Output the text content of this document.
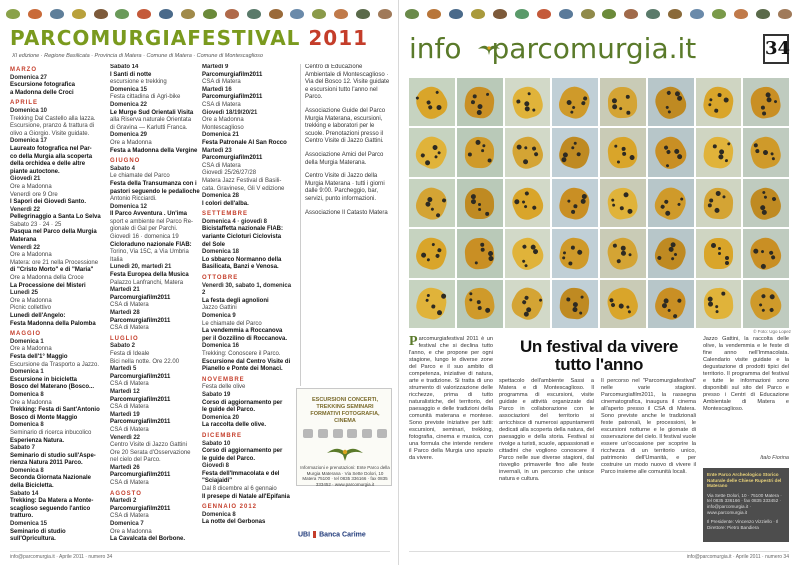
PARCOMURGIAFESTIVAL 2011
XI edizione · Regione Basilicata · Provincia di Matera · Comune di Matera · Comune di Montescaglioso
MARZO
Domenica 27
Escursione fotografica
a Madonna delle Croci
APRILE
Domenica 10
Trekking Dal Castello alla Iazza.
Escursione, pranzo & trattura di
olivo a Giorgio. Visite guidate.
Domenica 17
Laureato fotografica nel Par-
co della Murgia alla scoperta
della orchidea e delle altre
piante autoctone.
Giovedì 21
Ore a Madonna
Venerdì ore 9 Ore
I Sapori dei Giovedì Santo.
Venerdì 22
Pellegrinaggio a Santa Lo Selva
Sabato 23 · 24 · 25
Pasqua nel Parco della Murgia
Materana
Venerdì 22
Ore a Madonna
Matera: ore 21 nella Processione
di "Cristo Morto" e di "Maria"
Ore a Madonna della Croce
La Processione dei Misteri
Lunedì 25
Ore a Madonna
Picnic collettivo
Lunedì dell'Angelo:
Festa Madonna della Palomba
MAGGIO
Domenica 1
Ore a Madonna
Festa dell'1° Maggio
Escursione da Trasporto a Jazzo.
Domenica 1
Escursione in bicicletta
Bosco del Materano (Bosco...
Domenica 8
Ore a Madonna
Trekking: Festa di Sant'Antonio
Bosco di Monte Maggio
Domenica 8
Seminario di ricerca inbucolico
Esperienza Natura.
Sabato 7
Seminario di studio sull'Aspe-
rienza Natura 2011 Parco.
Domenica 8
Seconda Giornata Nazionale
della Bicicletta.
Sabato 14
Trekking: Da Matera a Monte-
scaglioso seguendo l'antico
tratturo.
Domenica 15
Seminario di studio
sull'Opricultura.
Sabato 14
I Santi di notte
escursione e trekking
Domenica 15
Festa cittadina di Agri-bike
Domenica 22
Le Murge Sud Orientali Visita
alla Riserva naturale Orientata
di Gravina — Karlutti Franca.
Domenica 29
Ore a Madonna
Festa a Madonna della Vergine
GIUGNO
Sabato 4
Le chiamate del Parco
Festa della Transumanza con i
pastori seguendo le pedalioche
Antonio Ricciardi.
Domenica 12
Il Parco Avventura . Un'ima
sport e ambiente nel Parco Re-
gionale di Gal per Parchi.
Giovedì 16 · domenica 19
Cicloraduno nazionale FIAB:
Torino, Via 15C, a Via Umbria
Italia
Lunedì 20, martedì 21
Festa Europea della Musica
Palazzo Lanfranchi, Matera
Martedì 21
Parcomurgiafilm2011
CSA di Matera
Martedì 28
Parcomurgiafilm2011
CSA di Matera
LUGLIO
Sabato 2
Festa di Ideale
Bici nella notte. Ore 22.00
Martedì 5
Parcomurgiafilm2011
CSA di Matera
Martedì 12
Parcomurgiafilm2011
CSA di Matera
Martedì 19
Parcomurgiafilm2011
CSA di Matera
Venerdì 22
Centro Visite di Jazzo Gattini
Ore 20 Serata d'Osservazione
nel cielo del Parco.
Martedì 26
Parcomurgiafilm2011
CSA di Matera
AGOSTO
Martedì 2
Parcomurgiafilm2011
CSA di Matera
Domenica 7
Ore a Madonna
La Cavalcata del Borbone.
Martedì 9
Parcomurgiafilm2011
CSA di Matera
Martedì 16
Parcomurgiafilm2011
CSA di Matera
Giovedì 18/19/20/21
Ore a Madonna
Montescaglioso
Domenica 21
Festa Patronale Al San Rocco
Martedì 23
Parcomurgiafilm2011
CSA di Matera
Giovedì 25/26/27/28
Matera Jazz Festival di Basili-
cata. Gravinese, Gli V edizione
Domenica 28
I colori dell'alba.
SETTEMBRE
Domenica 4 · giovedì 8
Bicistaffetta nazionale FIAB:
variante Cicloturi Ciclovista
del Sole
Domenica 18
Lo sbbarco Normanno della
Basilicata, Banzi e Venosa.
OTTOBRE
Venerdì 30, sabato 1, domenica 2
La festa degli agnolioni
Jazzo Gattini
Domenica 9
Le chiamate del Parco
La vendemmia a Roccanova
per il Gozzilino di Roccanova.
Domenica 16
Trekking: Conoscere il Parco.
Escursione dal Centro Visite di
Pianello e Ponte dei Monaci.
NOVEMBRE
Festa delle olive
Sabato 19
Corso di aggiornamento per
le guide del Parco.
Domenica 20
La raccolta delle olive.
DICEMBRE
Sabato 10
Corso di aggiornamento per
le guide del Parco.
Giovedì 8
Festa dell'Immacolata e del
"Sciajaidi"
Dal 8 dicembre al 6 gennaio
Il presepe di Natale all'Epifania
GENNAIO 2012
Domenica 8
La notte del Gerbonas
Centro di Educazione Ambientale di Montescaglioso · Via del Bosco 12. Visite guidate e escursioni tutto l'anno nel Parco.
Associazione Guide del Parco Murgia Materana, escursioni, trekking e laboratori per le scuole. Prenotazioni presso il Centro Visite di Jazzo Gattini.
Associazione Amici del Parco della Murgia Materana.
Centro Visite di Jazzo della Murgia Materana · tutti i giorni dalle 9:00. Parcheggio, bar, servizi, punto informazioni.
Associazione Il Catasto Matera
ESCURSIONI CONCERTI, TREKKING SEMINARI FORMATIVI FOTOGRAFIA, CINEMA
Informazioni e prenotazioni: Ente Parco della Murgia Materana · Via Sette Dolori, 10 Matera 75100 · tel 0835 336166 · fax 0835 333452 · www.parcomurgia.it
UBI Banca Carime
info@parcomurgia.it · Aprile 2011 · numero 34
info parcomurgia.it	34
© Foto: Ugo Lopez
Parcomurgiafestival 2011 è un festival che si declina tutto l'anno, e che propone per ogni stagione, lungo le diverse zone del Parco e il suo ambito di competenza, iniziative di natura, arte e tradizione. Si tratta di uno strumento di valorizzazione delle ricchezze, prima di tutto naturalistiche, del territorio, del paesaggio e delle tradizioni della comunità materana e montese. Sono previste iniziative per tutti: escursioni, seminari, trekking, fotografia, cinema e musica, con una formula che intende rendere il Parco della Murgia uno spazio da vivere.
Un festival da vivere
tutto l'anno
spettacolo dell'ambiente Sassi a Matera e di Montescaglioso. Il programma di escursioni, visite guidate e attività organizzate dal Parco in collaborazione con le associazioni del territorio si arricchisce di numerosi appuntamenti dedicati alla scoperta della natura, del paesaggio e della storia. Festival si rivolge a turisti, scuole, appassionati e cittadini che vogliono conoscere il Parco nelle sue diverse stagioni, dal risveglio primaverile fino alle feste invernali, in un percorso che unisce natura e cultura.
Il percorso nel "Parcomurgiafestival" nelle varie stagioni. Parcomurgiafilm2011, la rassegna cinematografica, inaugura il cinema all'aperto presso il CSA di Matera. Sono previste anche le tradizionali feste patronali, le processioni, le escursioni notturne e le giornate di osservazione del cielo. Il festival vuole essere un'occasione per scoprire la ricchezza di un territorio unico, patrimonio dell'Umanità, e per costruire un modo nuovo di vivere il Parco insieme alle comunità locali.
Jazzo Gattini, la raccolta delle olive, la vendemmia e le feste di fine anno nell'Immacolata. Calendario visite guidate e la degustazione di prodotti tipici del territorio. Il programma del festival e tutte le informazioni sono disponibili sul sito del Parco e presso i Centri di Educazione Ambientale di Matera e Montescaglioso.
Italo Fiorina
Ente Parco Archeologico Storico Naturale delle Chiese Rupestri del Materano
Via Sette Dolori, 10 · 75100 Matera · tel 0835 336166 · fax 0835 333452 · info@parcomurgia.it · www.parcomurgia.it
Il Presidente: Vincenzo Vizziello · Il Direttore: Pietro Bandiera
info@parcomurgia.it · Aprile 2011 · numero 34
